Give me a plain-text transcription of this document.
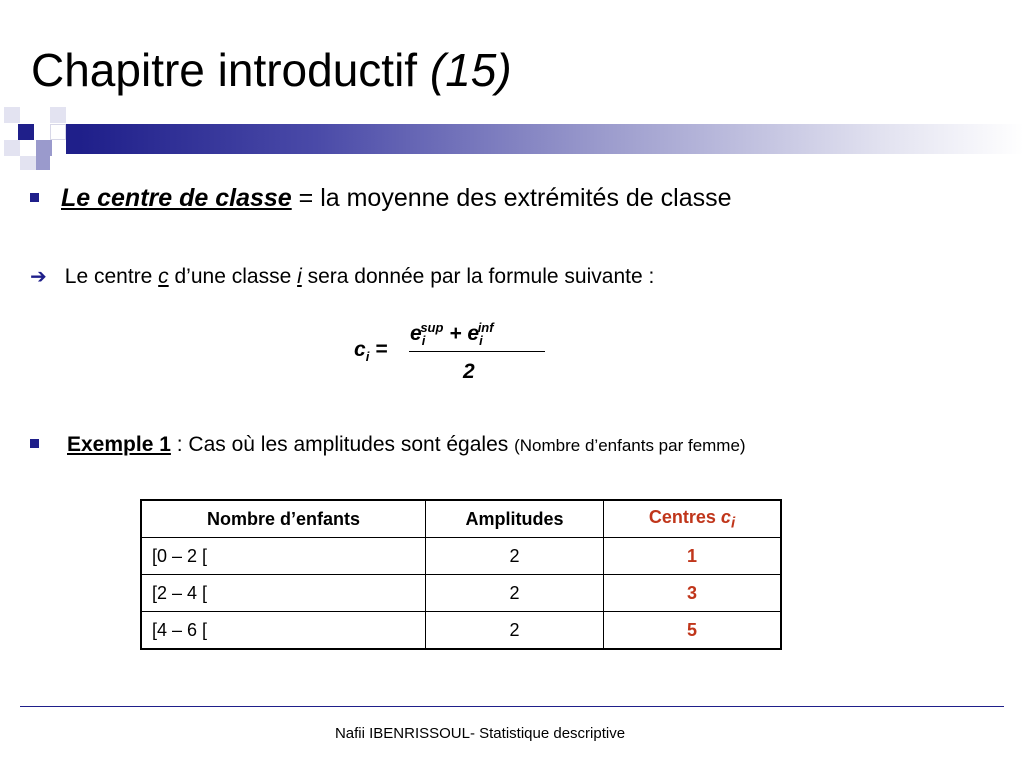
Chapitre introductif (15)
Le centre de classe = la moyenne des extrémités de classe
➔ Le centre c d’une classe i sera donnée par la formule suivante :
$c_i$ =
$e_i^{sup} + e_i^{inf}$
2
Exemple 1 : Cas où les amplitudes sont égales (Nombre d’enfants par femme)
Nombre d’enfants	Amplitudes	Centres $c_i$
[0 – 2 [	2	1
[2 – 4 [	2	3
[4 – 6 [	2	5
Nafii IBENRISSOUL- Statistique descriptive
